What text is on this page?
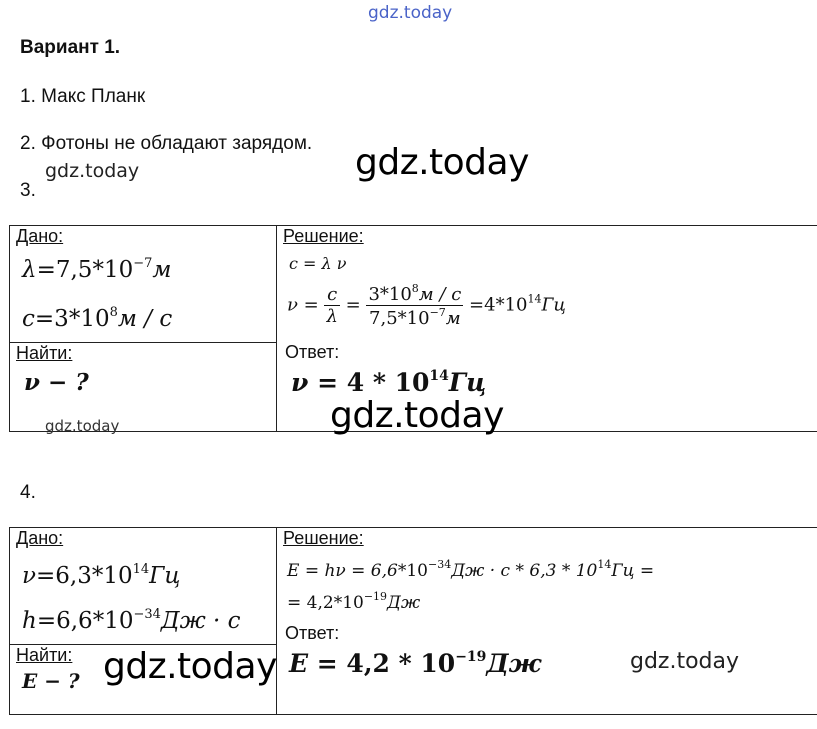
gdz.today
Вариант 1.
1. Макс Планк
2. Фотоны не обладают зарядом.
3.
4.
Дано:
$\lambda=7,5*10^{-7}м$
$c=3*10^8м / с$

Решение:
c = λ ν
$\nu = \frac{c}{\lambda} = \frac{3*10^8м / с}{7,5*10^{-7}м} =4*10^{14}Гц$
Ответ:
$\nu = 4 * 10^{14}Гц$

Найти:
ν − ?
Дано:
$\nu=6,3*10^{14}Гц$
$h=6,6*10^{-34}Дж \cdot с$

Решение:
$E = h\nu = 6,6*10^{-34}Дж \cdot с * 6,3 * 10^{14}Гц$ =
= $4,2*10^{-19}Дж$
Ответ:
$E = 4,2 * 10^{-19}Дж$

Найти:
E − ?
gdz.today	gdz.today
gdz.today
gdz.today
gdz.today	gdz.today
